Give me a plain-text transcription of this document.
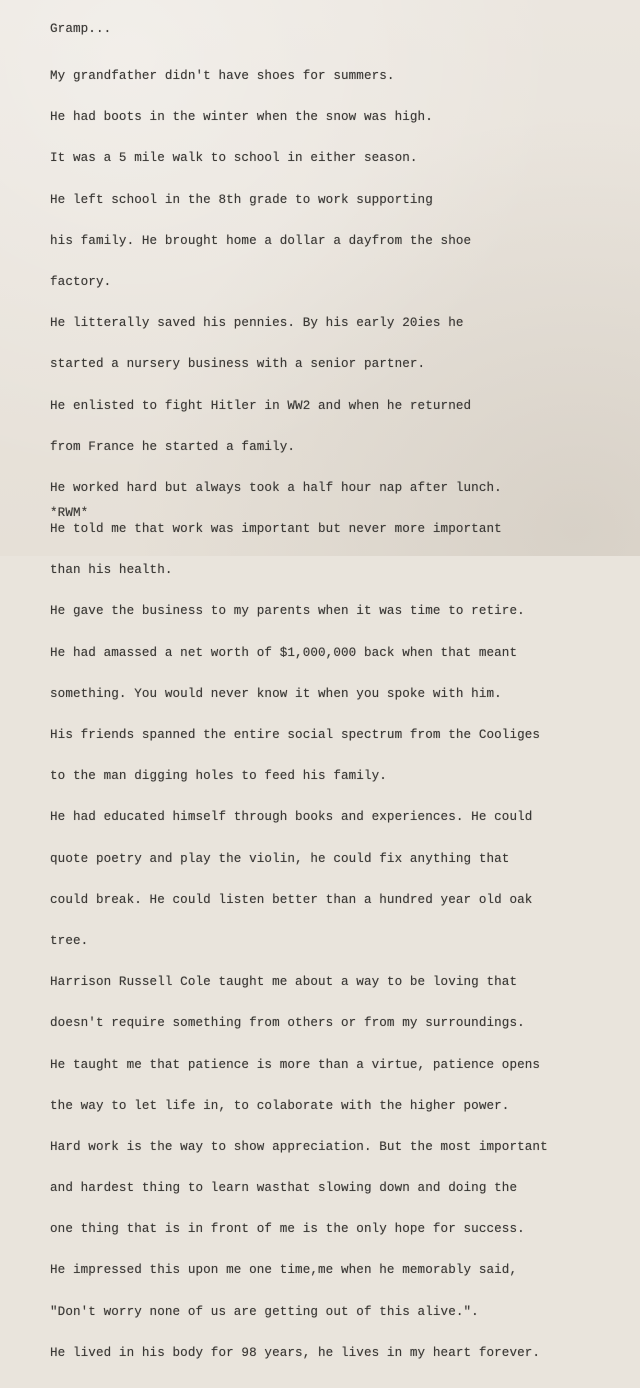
Gramp...

My grandfather didn't have shoes for summers.

He had boots in the winter when the snow was high.

It was a 5 mile walk to school in either season.

He left school in the 8th grade to work supporting

his family. He brought home a dollar a dayfrom the shoe

factory.

He litterally saved his pennies. By his early 20ies he

started a nursery business with a senior partner.

He enlisted to fight Hitler in WW2 and when he returned

from France he started a family.

He worked hard but always took a half hour nap after lunch.

He told me that work was important but never more important

than his health.

He gave the business to my parents when it was time to retire.

He had amassed a net worth of $1,000,000 back when that meant

something. You would never know it when you spoke with him.

His friends spanned the entire social spectrum from the Cooliges

to the man digging holes to feed his family.

He had educated himself through books and experiences. He could

quote poetry and play the violin, he could fix anything that

could break. He could listen better than a hundred year old oak

tree.

Harrison Russell Cole taught me about a way to be loving that

doesn't require something from others or from my surroundings.

He taught me that patience is more than a virtue, patience opens

the way to let life in, to colaborate with the higher power.

Hard work is the way to show appreciation. But the most important

and hardest thing to learn wasthat slowing down and doing the

one thing that is in front of me is the only hope for success.

He impressed this upon me one time,me when he memorably said,

"Don't worry none of us are getting out of this alive.".

He lived in his body for 98 years, he lives in my heart forever.

*RWM*
